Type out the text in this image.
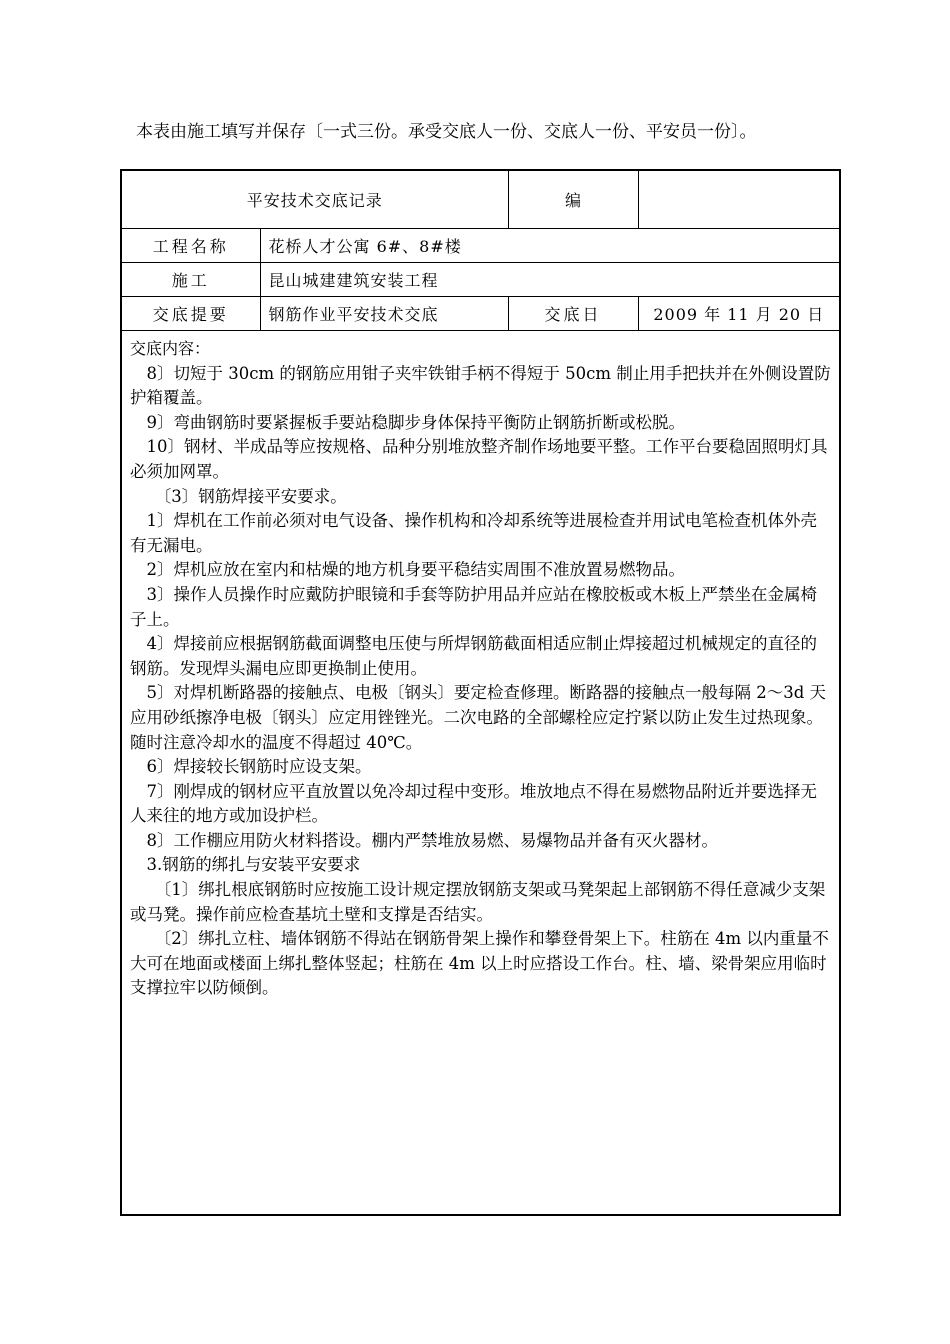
本表由施工填写并保存〔一式三份。承受交底人一份、交底人一份、平安员一份〕。
平安技术交底记录		编	
工程名称	花桥人才公寓 6#、8#楼		
施工	昆山城建建筑安装工程		
交底提要	钢筋作业平安技术交底	交底日	2009 年 11 月 20 日
交底内容：

8〕切短于 30cm 的钢筋应用钳子夹牢铁钳手柄不得短于 50cm 制止用手把扶并在外侧设置防护箱覆盖。

9〕弯曲钢筋时要紧握板手要站稳脚步身体保持平衡防止钢筋折断或松脱。

10〕钢材、半成品等应按规格、品种分别堆放整齐制作场地要平整。工作平台要稳固照明灯具必须加网罩。

〔3〕钢筋焊接平安要求。

1〕焊机在工作前必须对电气设备、操作机构和冷却系统等进展检查并用试电笔检查机体外壳有无漏电。

2〕焊机应放在室内和枯燥的地方机身要平稳结实周围不准放置易燃物品。

3〕操作人员操作时应戴防护眼镜和手套等防护用品并应站在橡胶板或木板上严禁坐在金属椅子上。

4〕焊接前应根据钢筋截面调整电压使与所焊钢筋截面相适应制止焊接超过机械规定的直径的钢筋。发现焊头漏电应即更换制止使用。

5〕对焊机断路器的接触点、电极〔钢头〕要定检查修理。断路器的接触点一般每隔 2～3d 天应用砂纸擦净电极〔钢头〕应定用锉锉光。二次电路的全部螺栓应定拧紧以防止发生过热现象。随时注意冷却水的温度不得超过 40℃。

6〕焊接较长钢筋时应设支架。

7〕刚焊成的钢材应平直放置以免冷却过程中变形。堆放地点不得在易燃物品附近并要选择无人来往的地方或加设护栏。

8〕工作棚应用防火材料搭设。棚内严禁堆放易燃、易爆物品并备有灭火器材。

3.钢筋的绑扎与安装平安要求

〔1〕绑扎根底钢筋时应按施工设计规定摆放钢筋支架或马凳架起上部钢筋不得任意减少支架或马凳。操作前应检查基坑土壁和支撑是否结实。

〔2〕绑扎立柱、墙体钢筋不得站在钢筋骨架上操作和攀登骨架上下。柱筋在 4m 以内重量不大可在地面或楼面上绑扎整体竖起；柱筋在 4m 以上时应搭设工作台。柱、墙、梁骨架应用临时支撑拉牢以防倾倒。
